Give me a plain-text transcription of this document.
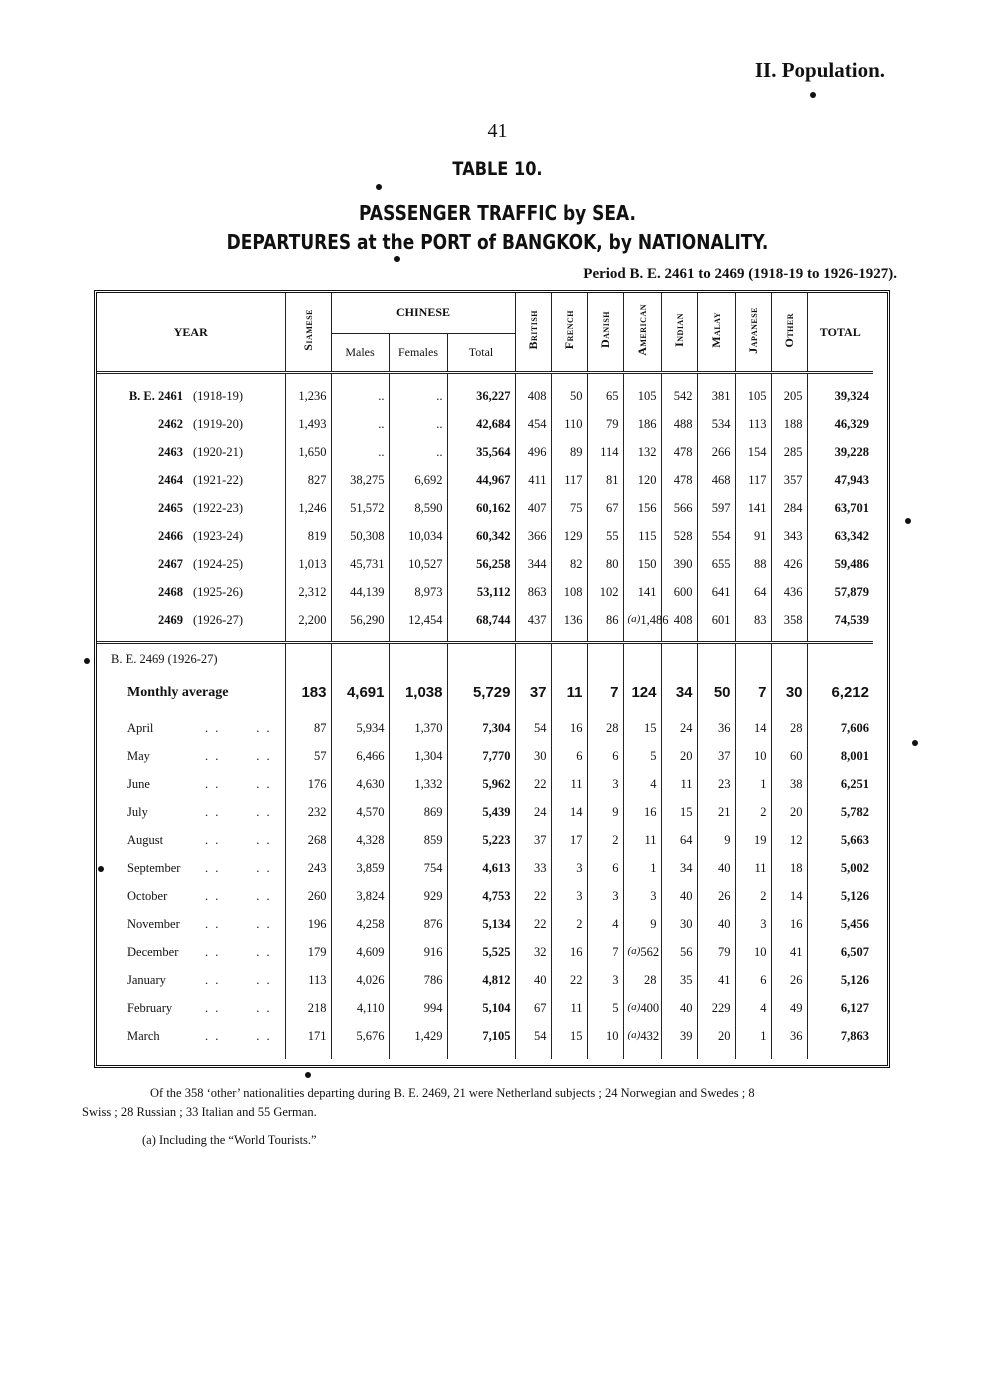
II. Population.
41
TABLE 10.
PASSENGER TRAFFIC by SEA.
DEPARTURES at the PORT of BANGKOK, by NATIONALITY.
Period B. E. 2461 to 2469 (1918-19 to 1926-1927).
YEAR	Siamese	CHINESE			British	French	Danish	American	Indian	Malay	Japanese	Other	TOTAL
		Males	Females	Total									

B. E. 2461 (1918-19)	1,236	..	..	36,227	408	50	65	105	542	381	105	205	39,324
2462 (1919-20)	1,493	..	..	42,684	454	110	79	186	488	534	113	188	46,329
2463 (1920-21)	1,650	..	..	35,564	496	89	114	132	478	266	154	285	39,228
2464 (1921-22)	827	38,275	6,692	44,967	411	117	81	120	478	468	117	357	47,943
2465 (1922-23)	1,246	51,572	8,590	60,162	407	75	67	156	566	597	141	284	63,701
2466 (1923-24)	819	50,308	10,034	60,342	366	129	55	115	528	554	91	343	63,342
2467 (1924-25)	1,013	45,731	10,527	56,258	344	82	80	150	390	655	88	426	59,486
2468 (1925-26)	2,312	44,139	8,973	53,112	863	108	102	141	600	641	64	436	57,879
2469 (1926-27)	2,200	56,290	12,454	68,744	437	136	86	(a) 1,486	408	601	83	358	74,539

B. E. 2469 (1926-27)													
Monthly average	183	4,691	1,038	5,729	37	11	7	124	34	50	7	30	6,212

April . .       . .	87	5,934	1,370	7,304	54	16	28	15	24	36	14	28	7,606
May . .       . .	57	6,466	1,304	7,770	30	6	6	5	20	37	10	60	8,001
June . .       . .	176	4,630	1,332	5,962	22	11	3	4	11	23	1	38	6,251
July . .       . .	232	4,570	869	5,439	24	14	9	16	15	21	2	20	5,782
August . .       . .	268	4,328	859	5,223	37	17	2	11	64	9	19	12	5,663
September . .       . .	243	3,859	754	4,613	33	3	6	1	34	40	11	18	5,002
October . .       . .	260	3,824	929	4,753	22	3	3	3	40	26	2	14	5,126
November . .       . .	196	4,258	876	5,134	22	2	4	9	30	40	3	16	5,456
December . .       . .	179	4,609	916	5,525	32	16	7	(a) 562	56	79	10	41	6,507
January . .       . .	113	4,026	786	4,812	40	22	3	28	35	41	6	26	5,126
February . .       . .	218	4,110	994	5,104	67	11	5	(a) 400	40	229	4	49	6,127
March . .       . .	171	5,676	1,429	7,105	54	15	10	(a) 432	39	20	1	36	7,863

Of the 358 ‘other’ nationalities departing during B. E. 2469, 21 were Netherland subjects ; 24 Norwegian and Swedes ; 8
Swiss ; 28 Russian ; 33 Italian and 55 German.
(a) Including the “World Tourists.”
